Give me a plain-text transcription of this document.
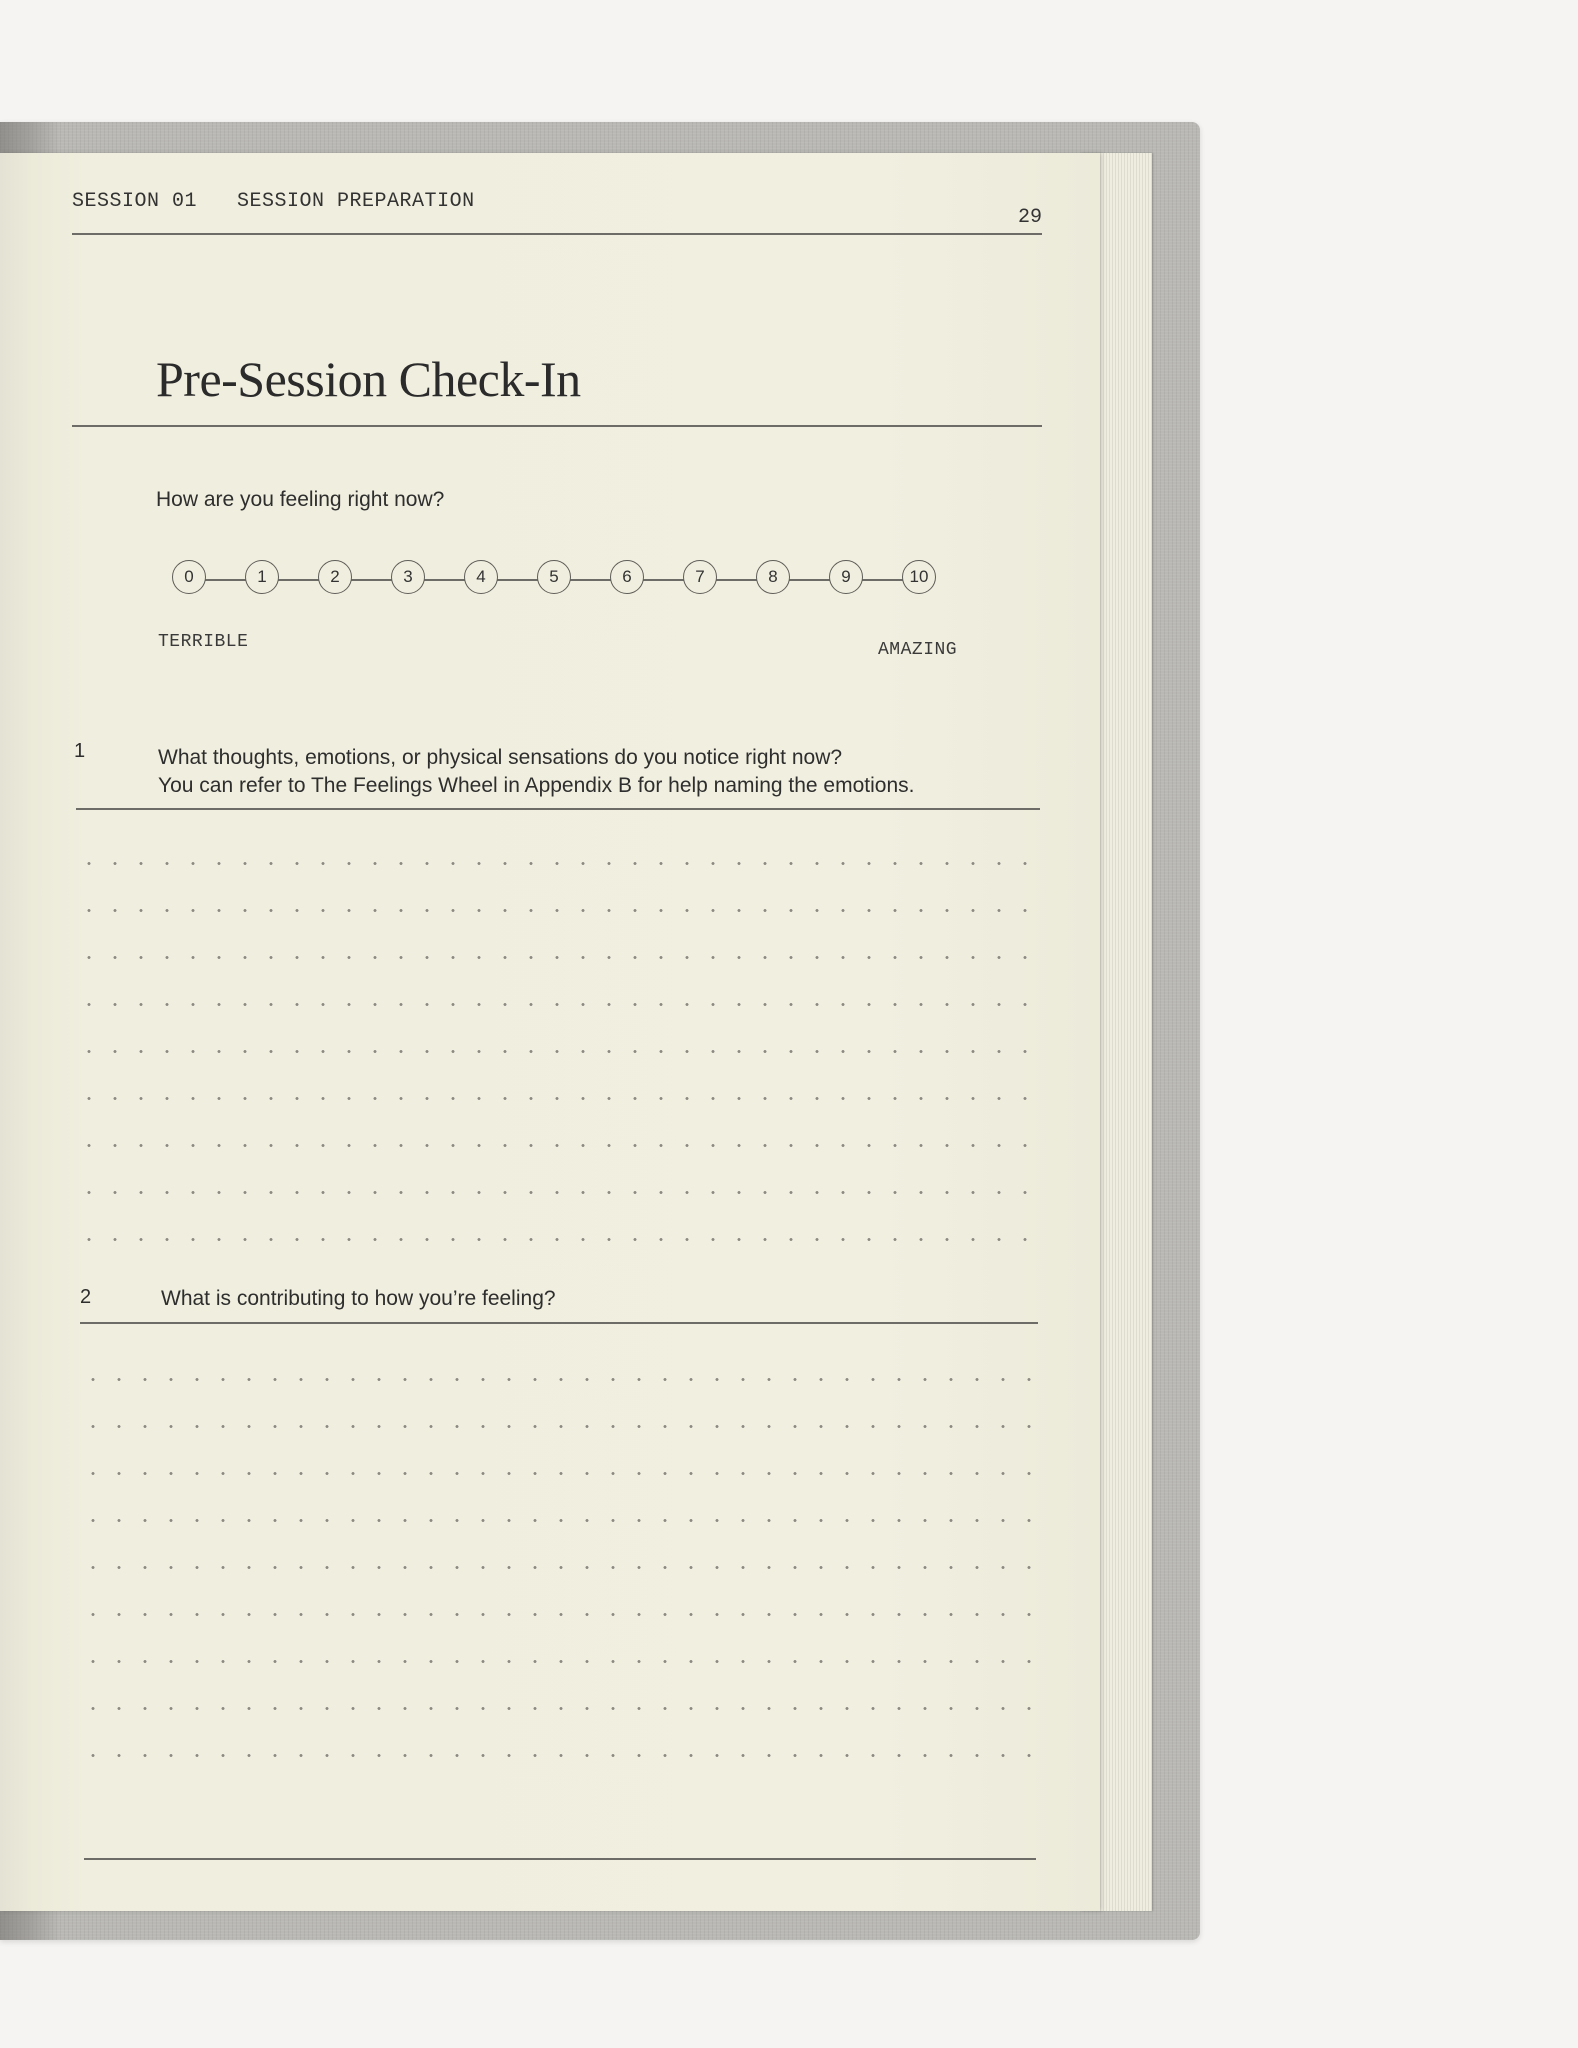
SESSION 01 SESSION PREPARATION
29
Pre-Session Check-In
How are you feeling right now?
0	1	2	3	4	5	6	7	8	9	10
TERRIBLE	AMAZING
1	What thoughts, emotions, or physical sensations do you notice right now?
You can refer to The Feelings Wheel in Appendix B for help naming the emotions.
2	What is contributing to how you’re feeling?
